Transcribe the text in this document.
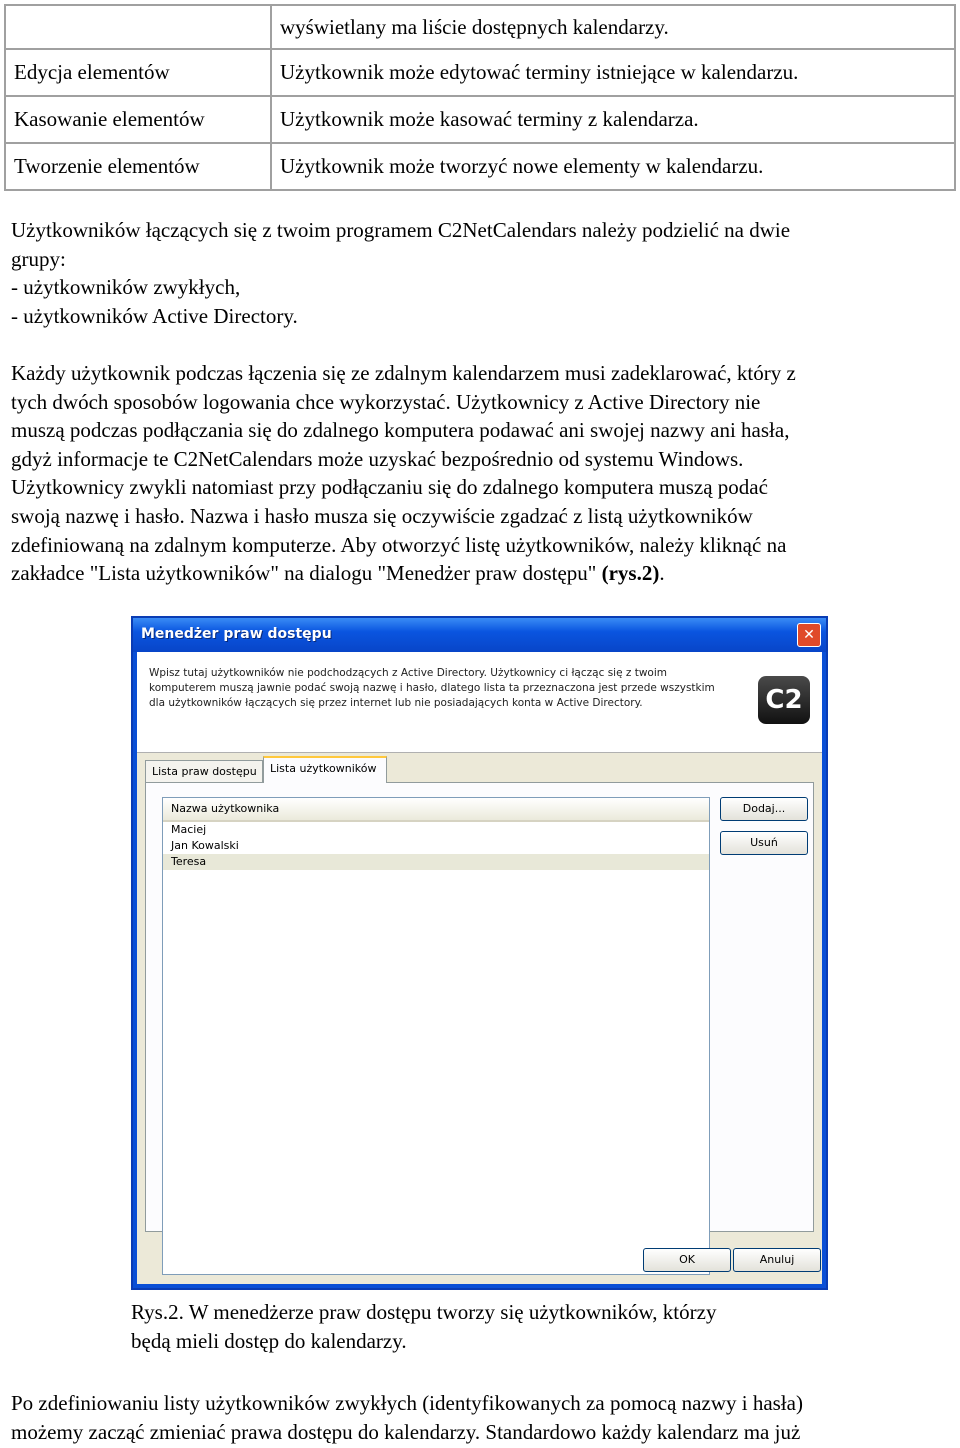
	wyświetlany ma liście dostępnych kalendarzy.
Edycja elementów	Użytkownik może edytować terminy istniejące w kalendarzu.
Kasowanie elementów	Użytkownik może kasować terminy z kalendarza.
Tworzenie elementów	Użytkownik może tworzyć nowe elementy w kalendarzu.
Użytkowników łączących się z twoim programem C2NetCalendars należy podzielić na dwie
grupy:
- użytkowników zwykłych,
- użytkowników Active Directory.
Każdy użytkownik podczas łączenia się ze zdalnym kalendarzem musi zadeklarować, który z
tych dwóch sposobów logowania chce wykorzystać. Użytkownicy z Active Directory nie
muszą podczas podłączania się do zdalnego komputera podawać ani swojej nazwy ani hasła,
gdyż informacje te C2NetCalendars może uzyskać bezpośrednio od systemu Windows.
Użytkownicy zwykli natomiast przy podłączaniu się do zdalnego komputera muszą podać
swoją nazwę i hasło. Nazwa i hasło musza się oczywiście zgadzać z listą użytkowników
zdefiniowaną na zdalnym komputerze. Aby otworzyć listę użytkowników, należy kliknąć na
zakładce "Lista użytkowników" na dialogu "Menedżer praw dostępu" (rys.2).
Menedżer praw dostępu	✕
Wpisz tutaj użytkowników nie podchodzących z Active Directory. Użytkownicy ci łącząc się z twoim
komputerem muszą jawnie podać swoją nazwę i hasło, dlatego lista ta przeznaczona jest przede wszystkim
dla użytkowników łączących się przez internet lub nie posiadających konta w Active Directory.	C2
Lista praw dostępu	Lista użytkowników
Nazwa użytkownika
Maciej
Jan Kowalski
Teresa
Dodaj...
Usuń
OK	Anuluj
Rys.2. W menedżerze praw dostępu tworzy się użytkowników, którzy
będą mieli dostęp do kalendarzy.
Po zdefiniowaniu listy użytkowników zwykłych (identyfikowanych za pomocą nazwy i hasła)
możemy zacząć zmieniać prawa dostępu do kalendarzy. Standardowo każdy kalendarz ma już
